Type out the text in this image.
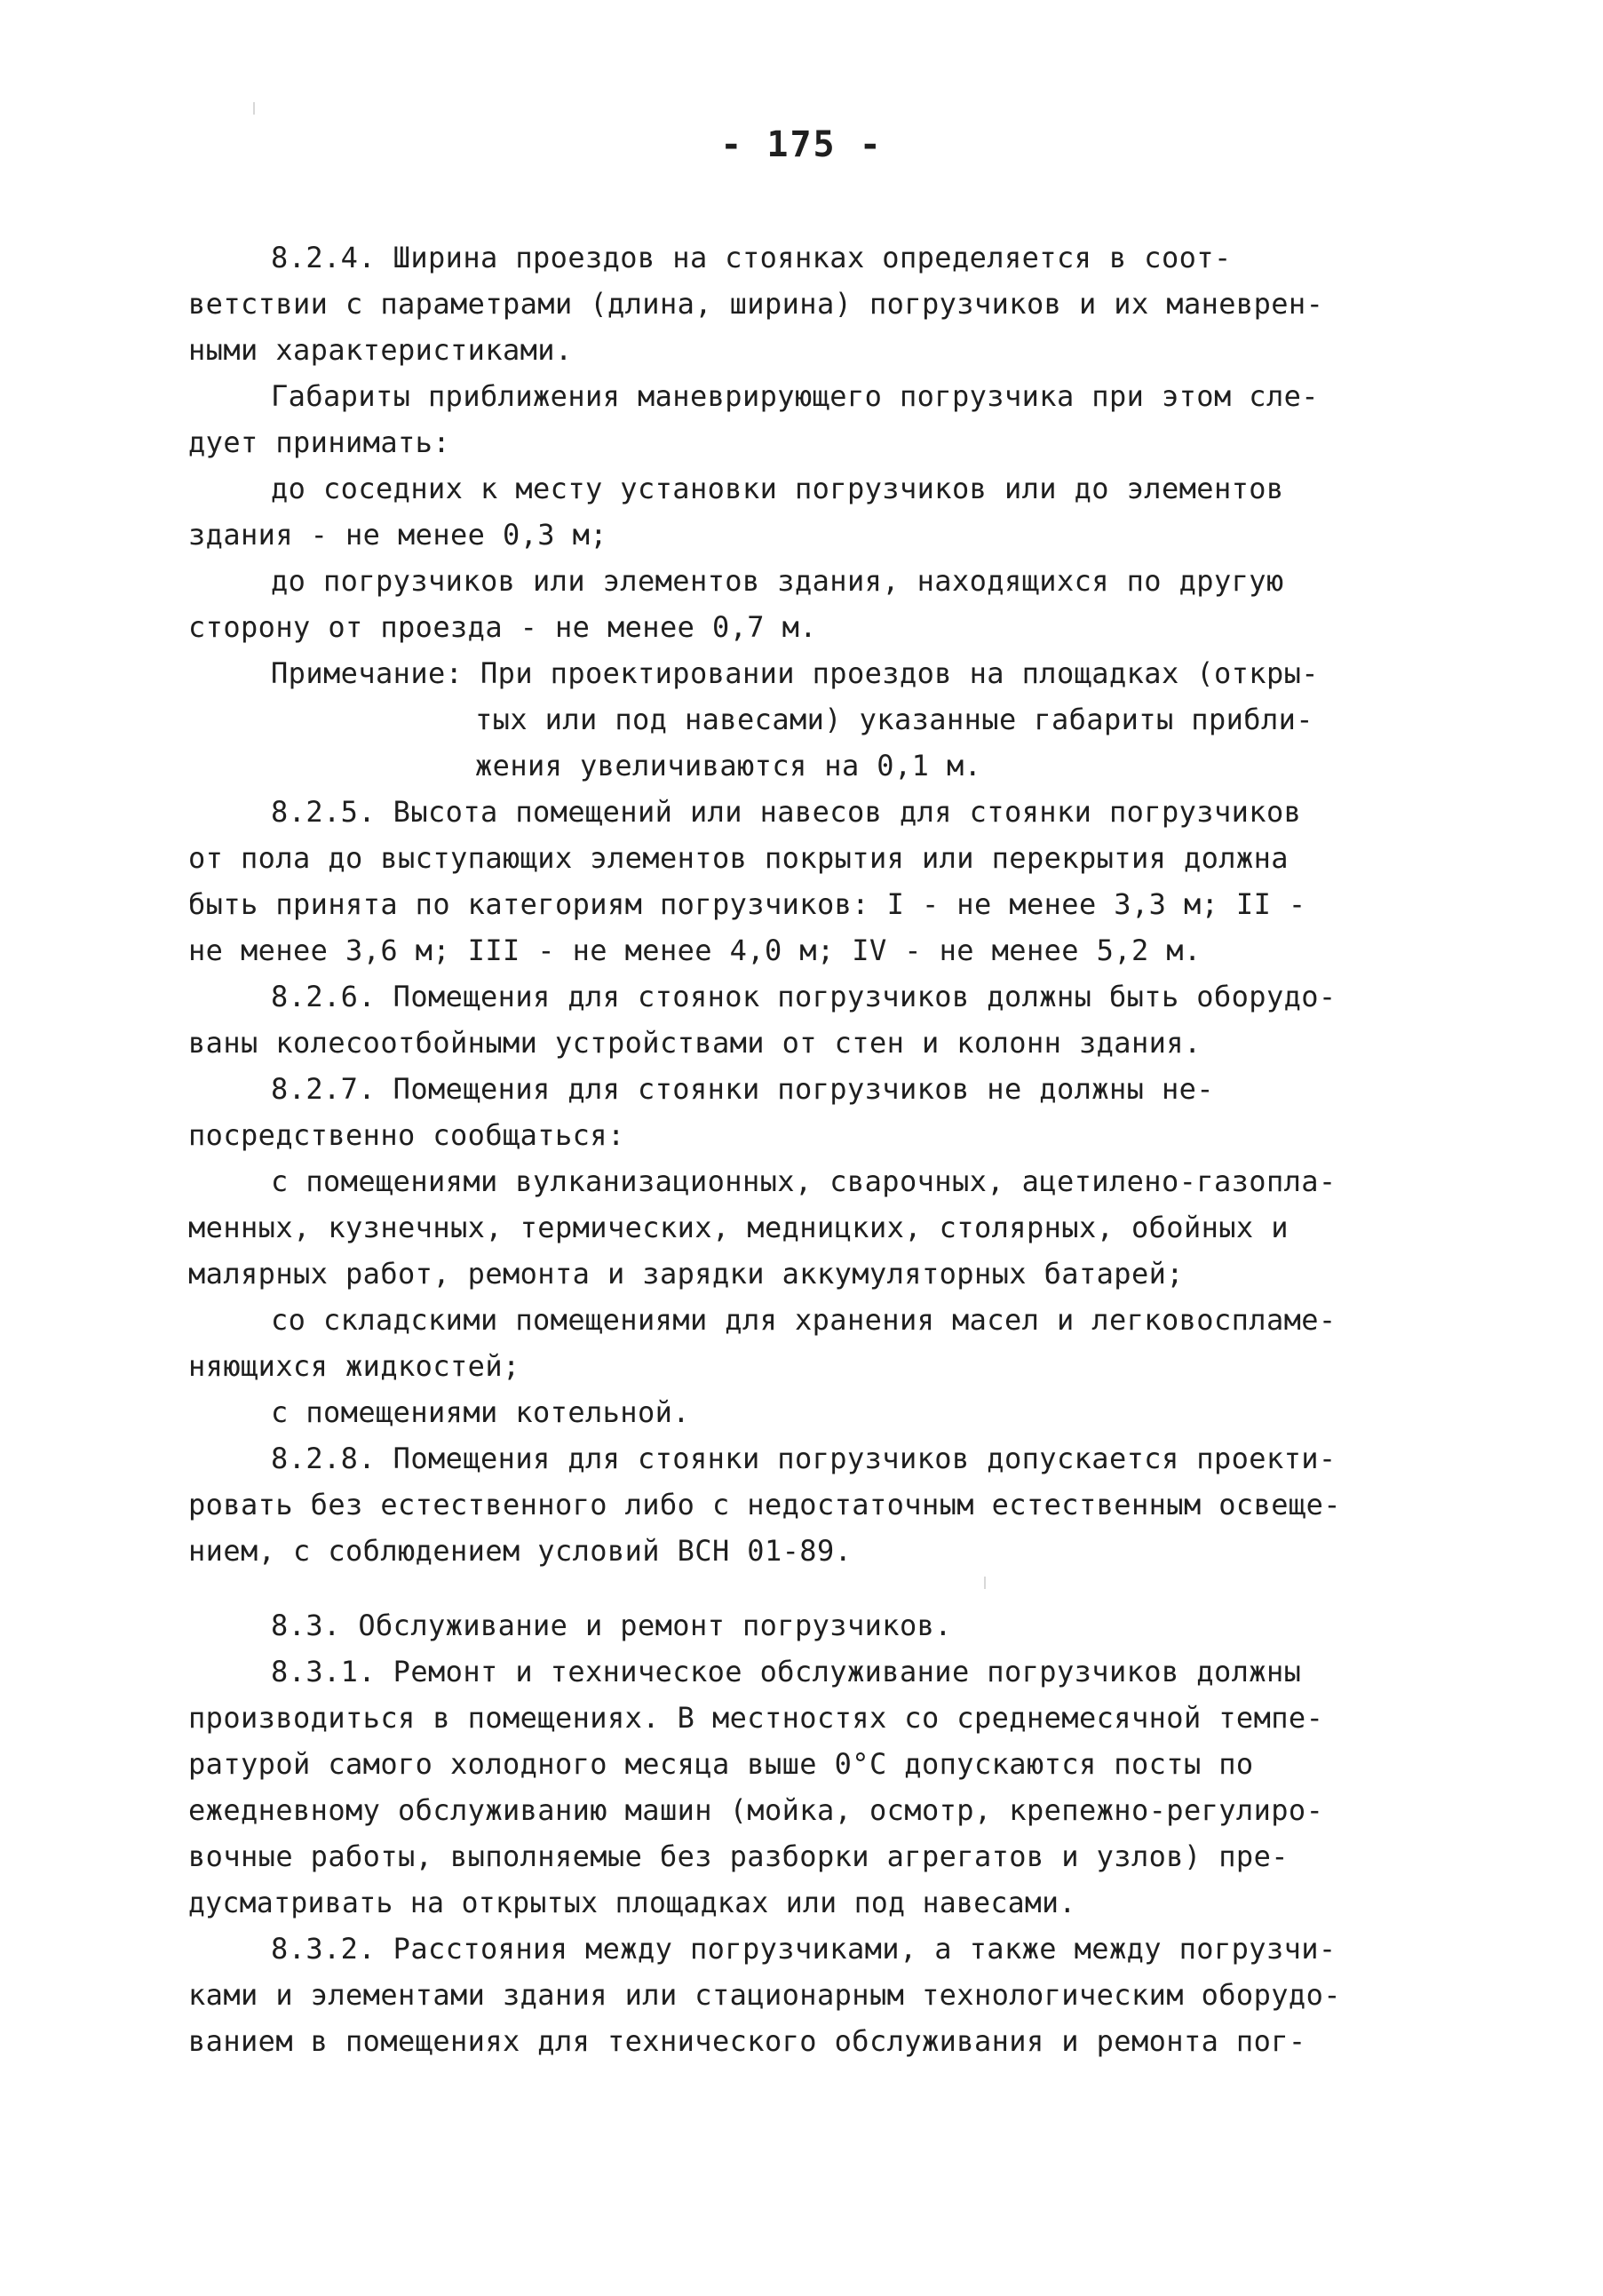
- 175 -
8.2.4. Ширина проездов на стоянках определяется в соот-
ветствии с параметрами (длина, ширина) погрузчиков и их маневрен-
ными характеристиками.
Габариты приближения маневрирующего погрузчика при этом сле-
дует принимать:
до соседних к месту установки погрузчиков или до элементов
здания - не менее 0,3 м;
до погрузчиков или элементов здания, находящихся по другую
сторону от проезда - не менее 0,7 м.
Примечание: При проектировании проездов на площадках (откры-
тых или под навесами) указанные габариты прибли-
жения увеличиваются на 0,1 м.
8.2.5. Высота помещений или навесов для стоянки погрузчиков
от пола до выступающих элементов покрытия или перекрытия должна
быть принята по категориям погрузчиков: I - не менее 3,3 м; II -
не менее 3,6 м; III - не менее 4,0 м; IV - не менее 5,2 м.
8.2.6. Помещения для стоянок погрузчиков должны быть оборудо-
ваны колесоотбойными устройствами от стен и колонн здания.
8.2.7. Помещения для стоянки погрузчиков не должны не-
посредственно сообщаться:
с помещениями вулканизационных, сварочных, ацетилено-газопла-
менных, кузнечных, термических, медницких, столярных, обойных и
малярных работ, ремонта и зарядки аккумуляторных батарей;
со складскими помещениями для хранения масел и легковоспламе-
няющихся жидкостей;
с помещениями котельной.
8.2.8. Помещения для стоянки погрузчиков допускается проекти-
ровать без естественного либо с недостаточным естественным освеще-
нием, с соблюдением условий ВСН 01-89.
8.3. Обслуживание и ремонт погрузчиков.
8.3.1. Ремонт и техническое обслуживание погрузчиков должны
производиться в помещениях. В местностях со среднемесячной темпе-
ратурой самого холодного месяца выше 0°С допускаются посты по
ежедневному обслуживанию машин (мойка, осмотр, крепежно-регулиро-
вочные работы, выполняемые без разборки агрегатов и узлов) пре-
дусматривать на открытых площадках или под навесами.
8.3.2. Расстояния между погрузчиками, а также между погрузчи-
ками и элементами здания или стационарным технологическим оборудо-
ванием в помещениях для технического обслуживания и ремонта пог-
